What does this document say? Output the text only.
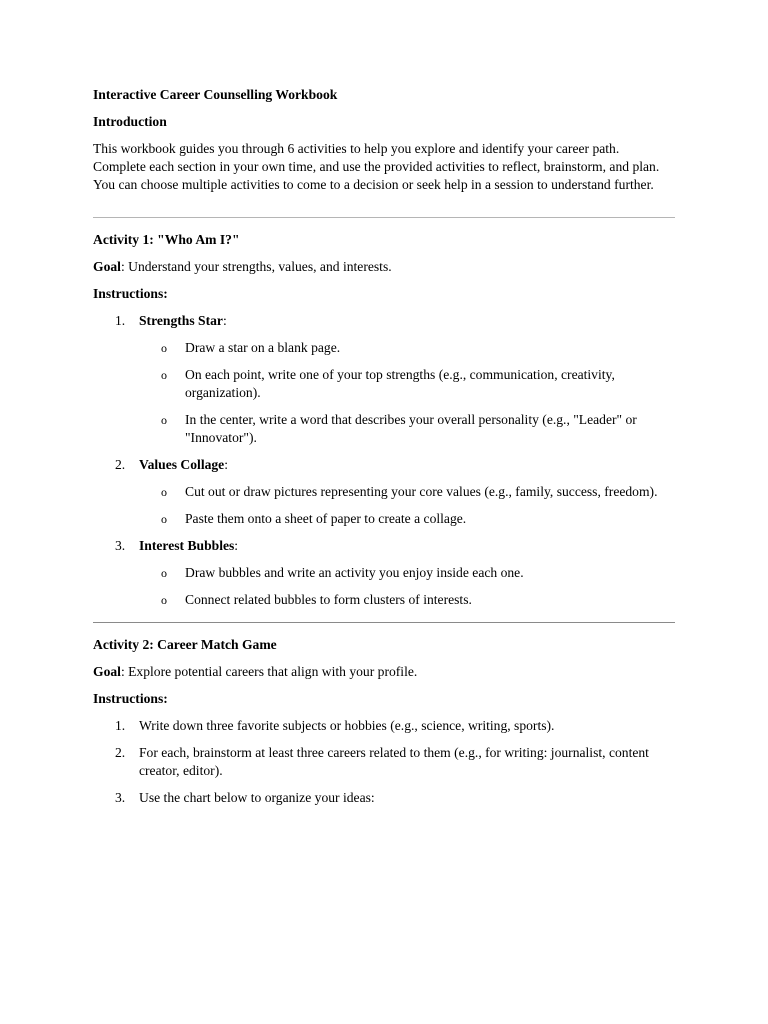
Interactive Career Counselling Workbook

Introduction

This workbook guides you through 6 activities to help you explore and identify your career path. Complete each section in your own time, and use the provided activities to reflect, brainstorm, and plan. You can choose multiple activities to come to a decision or seek help in a session to understand further.

Activity 1: "Who Am I?"

Goal: Understand your strengths, values, and interests.

Instructions:

1. Strengths Star:
o Draw a star on a blank page.
o On each point, write one of your top strengths (e.g., communication, creativity, organization).
o In the center, write a word that describes your overall personality (e.g., "Leader" or "Innovator").
2. Values Collage:
o Cut out or draw pictures representing your core values (e.g., family, success, freedom).
o Paste them onto a sheet of paper to create a collage.
3. Interest Bubbles:
o Draw bubbles and write an activity you enjoy inside each one.
o Connect related bubbles to form clusters of interests.

Activity 2: Career Match Game

Goal: Explore potential careers that align with your profile.

Instructions:

1. Write down three favorite subjects or hobbies (e.g., science, writing, sports).
2. For each, brainstorm at least three careers related to them (e.g., for writing: journalist, content creator, editor).
3. Use the chart below to organize your ideas:
